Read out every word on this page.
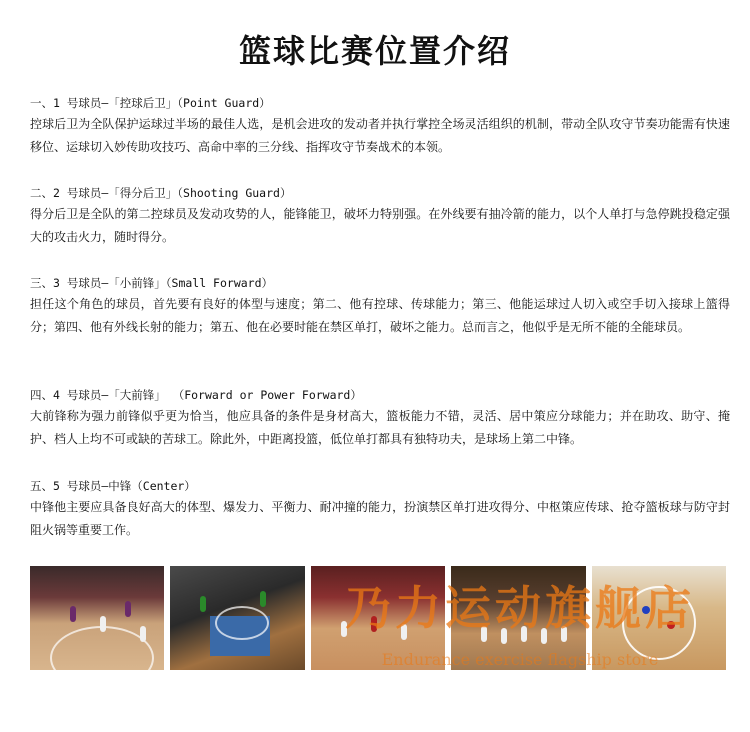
篮球比赛位置介绍
一、1 号球员—「控球后卫」（Point Guard）
控球后卫为全队保护运球过半场的最佳人选，是机会进攻的发动者并执行掌控全场灵活组织的机制，带动全队攻守节奏功能需有快速移位、运球切入妙传助攻技巧、高命中率的三分线、指挥攻守节奏战术的本领。
二、2 号球员—「得分后卫」（Shooting Guard）
得分后卫是全队的第二控球员及发动攻势的人，能锋能卫，破坏力特别强。在外线要有抽冷箭的能力，以个人单打与急停跳投稳定强大的攻击火力，随时得分。
三、3 号球员—「小前锋」（Small Forward）
担任这个角色的球员，首先要有良好的体型与速度；第二、他有控球、传球能力；第三、他能运球过人切入或空手切入接球上篮得分；第四、他有外线长射的能力；第五、他在必要时能在禁区单打，破坏之能力。总而言之，他似乎是无所不能的全能球员。
四、4 号球员—「大前锋」 （Forward or Power Forward）
大前锋称为强力前锋似乎更为恰当，他应具备的条件是身材高大，篮板能力不错，灵活、居中策应分球能力；并在助攻、助守、掩护、档人上均不可或缺的苦球工。除此外，中距离投篮，低位单打都具有独特功夫，是球场上第二中锋。
五、5 号球员—中锋（Center）
中锋他主要应具备良好高大的体型、爆发力、平衡力、耐冲撞的能力，扮演禁区单打进攻得分、中枢策应传球、抢夺篮板球与防守封阻火锅等重要工作。
乃力运动旗舰店
Endurance exercise flagship store
